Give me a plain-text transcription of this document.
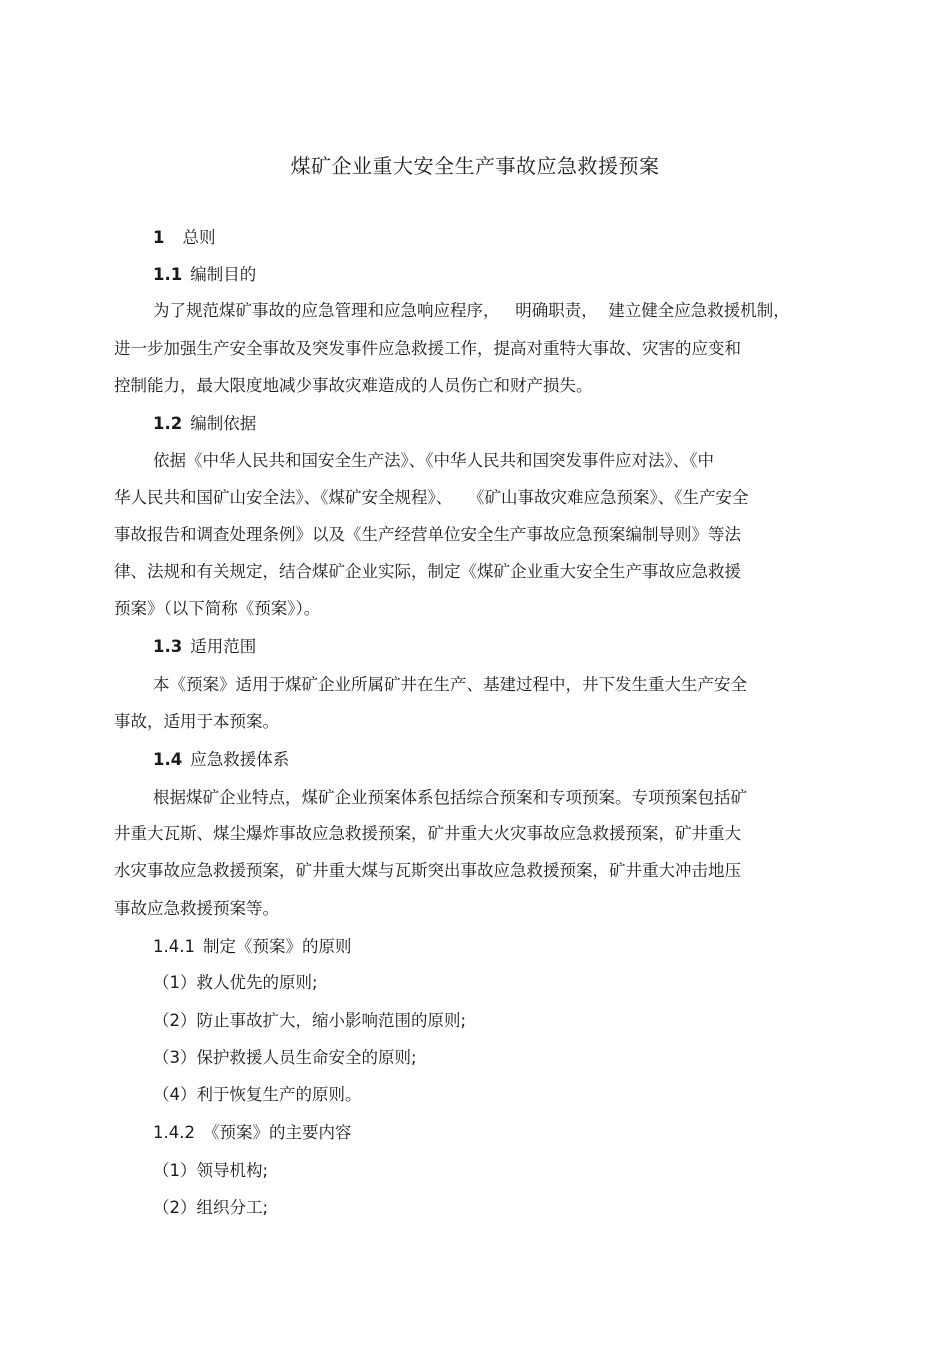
煤矿企业重大安全生产事故应急救援预案
1 总则
1.1 编制目的
为了规范煤矿事故的应急管理和应急响应程序，   明确职责，  建立健全应急救援机制，
进一步加强生产安全事故及突发事件应急救援工作，提高对重特大事故、灾害的应变和
控制能力，最大限度地减少事故灾难造成的人员伤亡和财产损失。
1.2 编制依据
依据《中华人民共和国安全生产法》、《中华人民共和国突发事件应对法》、《中
华人民共和国矿山安全法》、《煤矿安全规程》、   《矿山事故灾难应急预案》、《生产安全
事故报告和调查处理条例》以及《生产经营单位安全生产事故应急预案编制导则》等法
律、法规和有关规定，结合煤矿企业实际，制定《煤矿企业重大安全生产事故应急救援
预案》（以下简称《预案》）。
1.3 适用范围
本《预案》适用于煤矿企业所属矿井在生产、基建过程中，井下发生重大生产安全
事故，适用于本预案。
1.4 应急救援体系
根据煤矿企业特点，煤矿企业预案体系包括综合预案和专项预案。专项预案包括矿
井重大瓦斯、煤尘爆炸事故应急救援预案，矿井重大火灾事故应急救援预案，矿井重大
水灾事故应急救援预案，矿井重大煤与瓦斯突出事故应急救援预案，矿井重大冲击地压
事故应急救援预案等。
1.4.1 制定《预案》的原则
（1）救人优先的原则;
（2）防止事故扩大，缩小影响范围的原则;
（3）保护救援人员生命安全的原则;
（4）利于恢复生产的原则。
1.4.2 《预案》的主要内容
（1）领导机构;
（2）组织分工;
